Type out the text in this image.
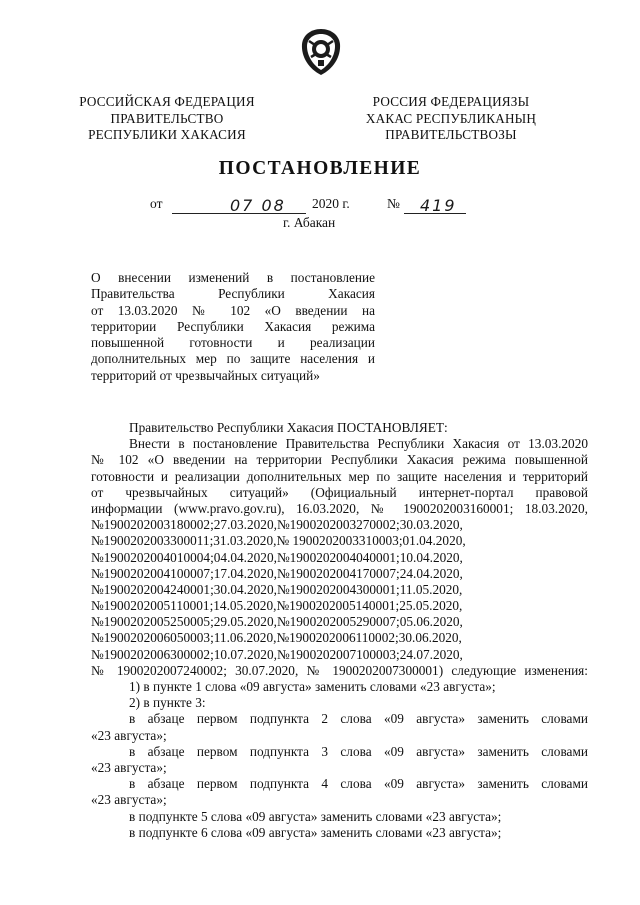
РОССИЙСКАЯ ФЕДЕРАЦИЯ
ПРАВИТЕЛЬСТВО
РЕСПУБЛИКИ ХАКАСИЯ
РОССИЯ ФЕДЕРАЦИЯЗЫ
ХАКАС РЕСПУБЛИКАНЫҢ
ПРАВИТЕЛЬСТВОЗЫ
ПОСТАНОВЛЕНИЕ
от	07 08 2020 г.	№ 419
г. Абакан
О внесении изменений в постановление
Правительства Республики Хакасия
от 13.03.2020 № 102 «О введении на
территории Республики Хакасия режима
повышенной готовности и реализации
дополнительных мер по защите населения и
территорий от чрезвычайных ситуаций»
Правительство Республики Хакасия ПОСТАНОВЛЯЕТ:
Внести в постановление Правительства Республики Хакасия от 13.03.2020
№ 102 «О введении на территории Республики Хакасия режима повышенной
готовности и реализации дополнительных мер по защите населения и территорий
от чрезвычайных ситуаций» (Официальный интернет-портал правовой
информации (www.pravo.gov.ru), 16.03.2020, № 1900202003160001; 18.03.2020,
№1900202003180002;27.03.2020,№1900202003270002;30.03.2020,
№1900202003300011;31.03.2020,№ 1900202003310003;01.04.2020,
№1900202004010004;04.04.2020,№1900202004040001;10.04.2020,
№1900202004100007;17.04.2020,№1900202004170007;24.04.2020,
№1900202004240001;30.04.2020,№1900202004300001;11.05.2020,
№1900202005110001;14.05.2020,№1900202005140001;25.05.2020,
№1900202005250005;29.05.2020,№1900202005290007;05.06.2020,
№1900202006050003;11.06.2020,№1900202006110002;30.06.2020,
№1900202006300002;10.07.2020,№1900202007100003;24.07.2020,
№ 1900202007240002; 30.07.2020, № 1900202007300001) следующие изменения:
1) в пункте 1 слова «09 августа» заменить словами «23 августа»;
2) в пункте 3:
в абзаце первом подпункта 2 слова «09 августа» заменить словами
«23 августа»;
в абзаце первом подпункта 3 слова «09 августа» заменить словами
«23 августа»;
в абзаце первом подпункта 4 слова «09 августа» заменить словами
«23 августа»;
в подпункте 5 слова «09 августа» заменить словами «23 августа»;
в подпункте 6 слова «09 августа» заменить словами «23 августа»;
